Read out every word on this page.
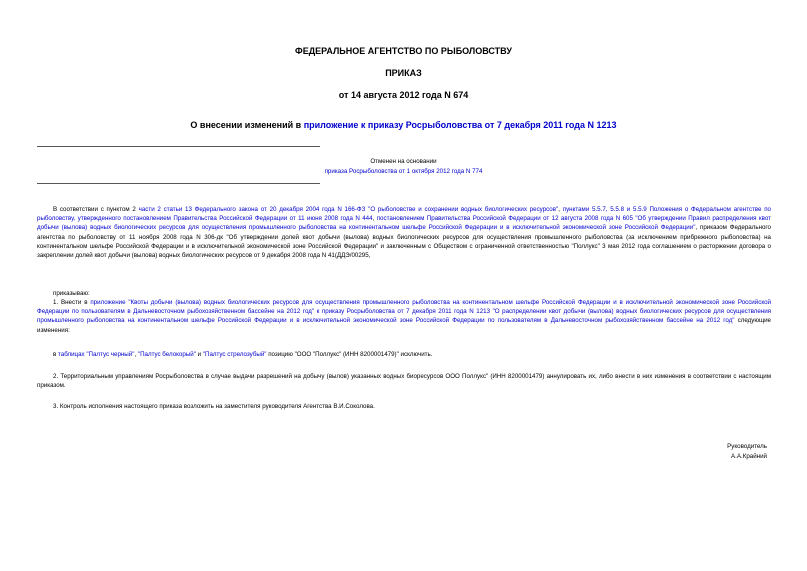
ФЕДЕРАЛЬНОЕ АГЕНТСТВО ПО РЫБОЛОВСТВУ
ПРИКАЗ
от 14 августа 2012 года N 674
О внесении изменений в приложение к приказу Росрыболовства от 7 декабря 2011 года N 1213
Отменен на основании
приказа Росрыболовства от 1 октября 2012 года N 774
В соответствии с пунктом 2 части 2 статьи 13 Федерального закона от 20 декабря 2004 года N 166-ФЗ "О рыболовстве и сохранении водных биологических ресурсов", пунктами 5.5.7, 5.5.8 и 5.5.9 Положения о Федеральном агентстве по рыболовству, утвержденного постановлением Правительства Российской Федерации от 11 июня 2008 года N 444, постановлением Правительства Российской Федерации от 12 августа 2008 года N 605 "Об утверждении Правил распределения квот добычи (вылова) водных биологических ресурсов для осуществления промышленного рыболовства на континентальном шельфе Российской Федерации и в исключительной экономической зоне Российской Федерации", приказом Федерального агентства по рыболовству от 11 ноября 2008 года N 306-дк "Об утверждении долей квот добычи (вылова) водных биологических ресурсов для осуществления промышленного рыболовства (за исключением прибрежного рыболовства) на континентальном шельфе Российской Федерации и в исключительной экономической зоне Российской Федерации" и заключенным с Обществом с ограниченной ответственностью "Поллукс" 3 мая 2012 года соглашением о расторжении договора о закреплении долей квот добычи (вылова) водных биологических ресурсов от 9 декабря 2008 года N 41(ДДЭ/00295,
приказываю:
1. Внести в приложение "Квоты добычи (вылова) водных биологических ресурсов для осуществления промышленного рыболовства на континентальном шельфе Российской Федерации и в исключительной экономической зоне Российской Федерации по пользователям в Дальневосточном рыбохозяйственном бассейне на 2012 год" к приказу Росрыболовства от 7 декабря 2011 года N 1213 "О распределении квот добычи (вылова) водных биологических ресурсов для осуществления промышленного рыболовства на континентальном шельфе Российской Федерации и в исключительной экономической зоне Российской Федерации по пользователям в Дальневосточном рыбохозяйственном бассейне на 2012 год" следующие изменения:
в таблицах "Палтус черный", "Палтус белокорый" и "Палтус стрелозубый" позицию "ООО "Поллукс" (ИНН 8200001479)" исключить.
2. Территориальным управлениям Росрыболовства в случае выдачи разрешений на добычу (вылов) указанных водных биоресурсов ООО Поллукс" (ИНН 8200001479) аннулировать их, либо внести в них изменения в соответствии с настоящим приказом.
3. Контроль исполнения настоящего приказа возложить на заместителя руководителя Агентства В.И.Соколова.
Руководитель
А.А.Крайний
